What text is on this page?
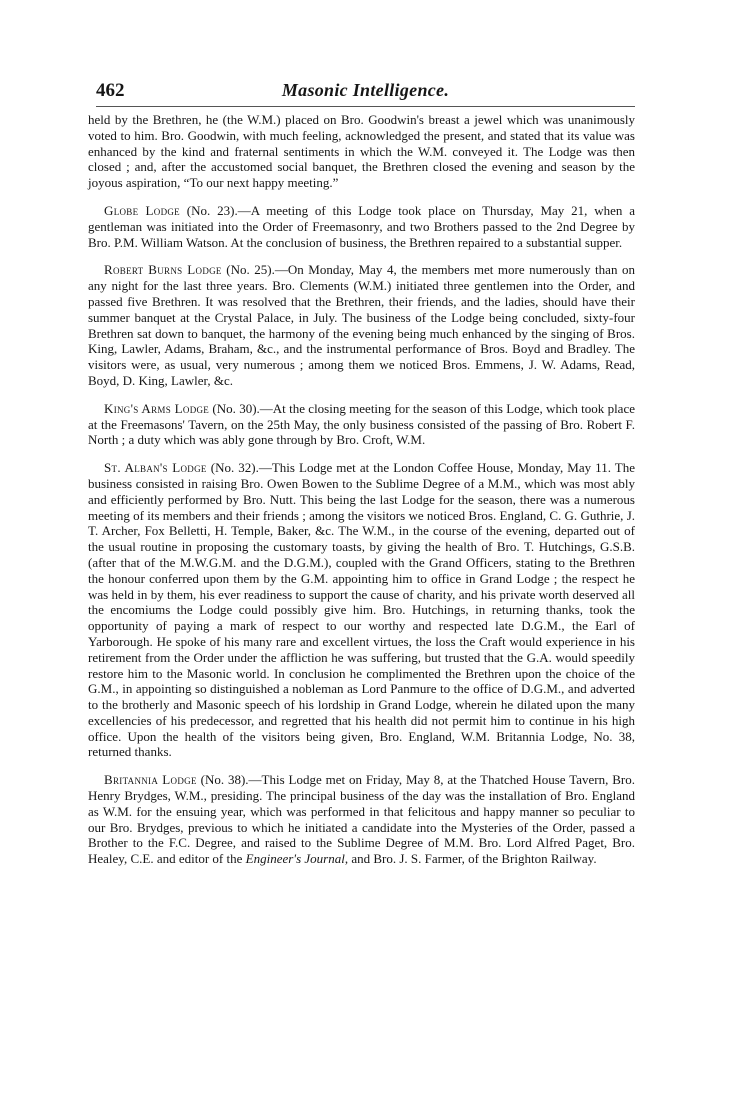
462	Masonic Intelligence.

held by the Brethren, he (the W.M.) placed on Bro. Goodwin's breast a jewel which was unanimously voted to him. Bro. Goodwin, with much feeling, acknowledged the present, and stated that its value was enhanced by the kind and fraternal sentiments in which the W.M. conveyed it. The Lodge was then closed ; and, after the accustomed social banquet, the Brethren closed the evening and season by the joyous aspiration, “To our next happy meeting.”

Globe Lodge (No. 23).—A meeting of this Lodge took place on Thursday, May 21, when a gentleman was initiated into the Order of Freemasonry, and two Brothers passed to the 2nd Degree by Bro. P.M. William Watson. At the conclusion of business, the Brethren repaired to a substantial supper.

Robert Burns Lodge (No. 25).—On Monday, May 4, the members met more numerously than on any night for the last three years. Bro. Clements (W.M.) initiated three gentlemen into the Order, and passed five Brethren. It was resolved that the Brethren, their friends, and the ladies, should have their summer banquet at the Crystal Palace, in July. The business of the Lodge being concluded, sixty-four Brethren sat down to banquet, the harmony of the evening being much enhanced by the singing of Bros. King, Lawler, Adams, Braham, &c., and the instrumental performance of Bros. Boyd and Bradley. The visitors were, as usual, very numerous ; among them we noticed Bros. Emmens, J. W. Adams, Read, Boyd, D. King, Lawler, &c.

King's Arms Lodge (No. 30).—At the closing meeting for the season of this Lodge, which took place at the Freemasons' Tavern, on the 25th May, the only business consisted of the passing of Bro. Robert F. North ; a duty which was ably gone through by Bro. Croft, W.M.

St. Alban's Lodge (No. 32).—This Lodge met at the London Coffee House, Monday, May 11. The business consisted in raising Bro. Owen Bowen to the Sublime Degree of a M.M., which was most ably and efficiently performed by Bro. Nutt. This being the last Lodge for the season, there was a numerous meeting of its members and their friends ; among the visitors we noticed Bros. England, C. G. Guthrie, J. T. Archer, Fox Belletti, H. Temple, Baker, &c. The W.M., in the course of the evening, departed out of the usual routine in proposing the customary toasts, by giving the health of Bro. T. Hutchings, G.S.B. (after that of the M.W.G.M. and the D.G.M.), coupled with the Grand Officers, stating to the Brethren the honour conferred upon them by the G.M. appointing him to office in Grand Lodge ; the respect he was held in by them, his ever readiness to support the cause of charity, and his private worth deserved all the encomiums the Lodge could possibly give him. Bro. Hutchings, in returning thanks, took the opportunity of paying a mark of respect to our worthy and respected late D.G.M., the Earl of Yarborough. He spoke of his many rare and excellent virtues, the loss the Craft would experience in his retirement from the Order under the affliction he was suffering, but trusted that the G.A. would speedily restore him to the Masonic world. In conclusion he complimented the Brethren upon the choice of the G.M., in appointing so distinguished a nobleman as Lord Panmure to the office of D.G.M., and adverted to the brotherly and Masonic speech of his lordship in Grand Lodge, wherein he dilated upon the many excellencies of his predecessor, and regretted that his health did not permit him to continue in his high office. Upon the health of the visitors being given, Bro. England, W.M. Britannia Lodge, No. 38, returned thanks.

Britannia Lodge (No. 38).—This Lodge met on Friday, May 8, at the Thatched House Tavern, Bro. Henry Brydges, W.M., presiding. The principal business of the day was the installation of Bro. England as W.M. for the ensuing year, which was performed in that felicitous and happy manner so peculiar to our Bro. Brydges, previous to which he initiated a candidate into the Mysteries of the Order, passed a Brother to the F.C. Degree, and raised to the Sublime Degree of M.M. Bro. Lord Alfred Paget, Bro. Healey, C.E. and editor of the Engineer's Journal, and Bro. J. S. Farmer, of the Brighton Railway.
